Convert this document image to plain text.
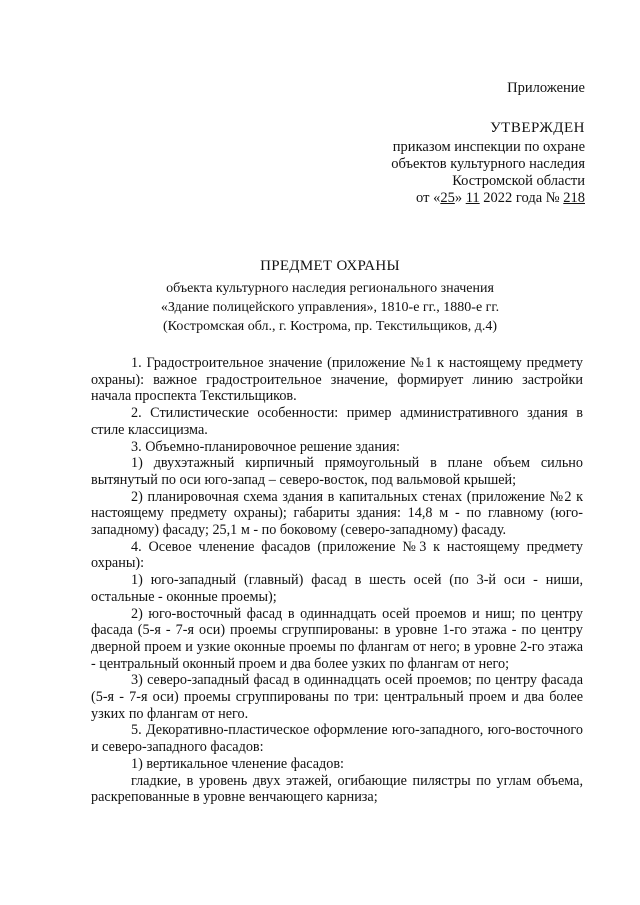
Приложение
УТВЕРЖДЕН
приказом инспекции по охране
объектов культурного наследия
Костромской области
от «25» 11 2022 года № 218
ПРЕДМЕТ ОХРАНЫ
объекта культурного наследия регионального значения
«Здание полицейского управления», 1810-е гг., 1880-е гг.
(Костромская обл., г. Кострома, пр. Текстильщиков, д.4)

1. Градостроительное значение (приложение №1 к настоящему предмету охраны): важное градостроительное значение, формирует линию застройки начала проспекта Текстильщиков.

2. Стилистические особенности: пример административного здания в стиле классицизма.

3. Объемно-планировочное решение здания:

1) двухэтажный кирпичный прямоугольный в плане объем сильно вытянутый по оси юго-запад – северо-восток, под вальмовой крышей;

2) планировочная схема здания в капитальных стенах (приложение №2 к настоящему предмету охраны); габариты здания: 14,8 м - по главному (юго-западному) фасаду; 25,1 м - по боковому (северо-западному) фасаду.

4. Осевое членение фасадов (приложение №3 к настоящему предмету охраны):

1) юго-западный (главный) фасад в шесть осей (по 3-й оси - ниши, остальные - оконные проемы);

2) юго-восточный фасад в одиннадцать осей проемов и ниш; по центру фасада (5-я - 7-я оси) проемы сгруппированы: в уровне 1-го этажа - по центру дверной проем и узкие оконные проемы по флангам от него; в уровне 2-го этажа - центральный оконный проем и два более узких по флангам от него;

3) северо-западный фасад в одиннадцать осей проемов; по центру фасада (5-я - 7-я оси) проемы сгруппированы по три: центральный проем и два более узких по флангам от него.

5. Декоративно-пластическое оформление юго-западного, юго-восточного и северо-западного фасадов:

1) вертикальное членение фасадов:

гладкие, в уровень двух этажей, огибающие пилястры по углам объема, раскрепованные в уровне венчающего карниза;
